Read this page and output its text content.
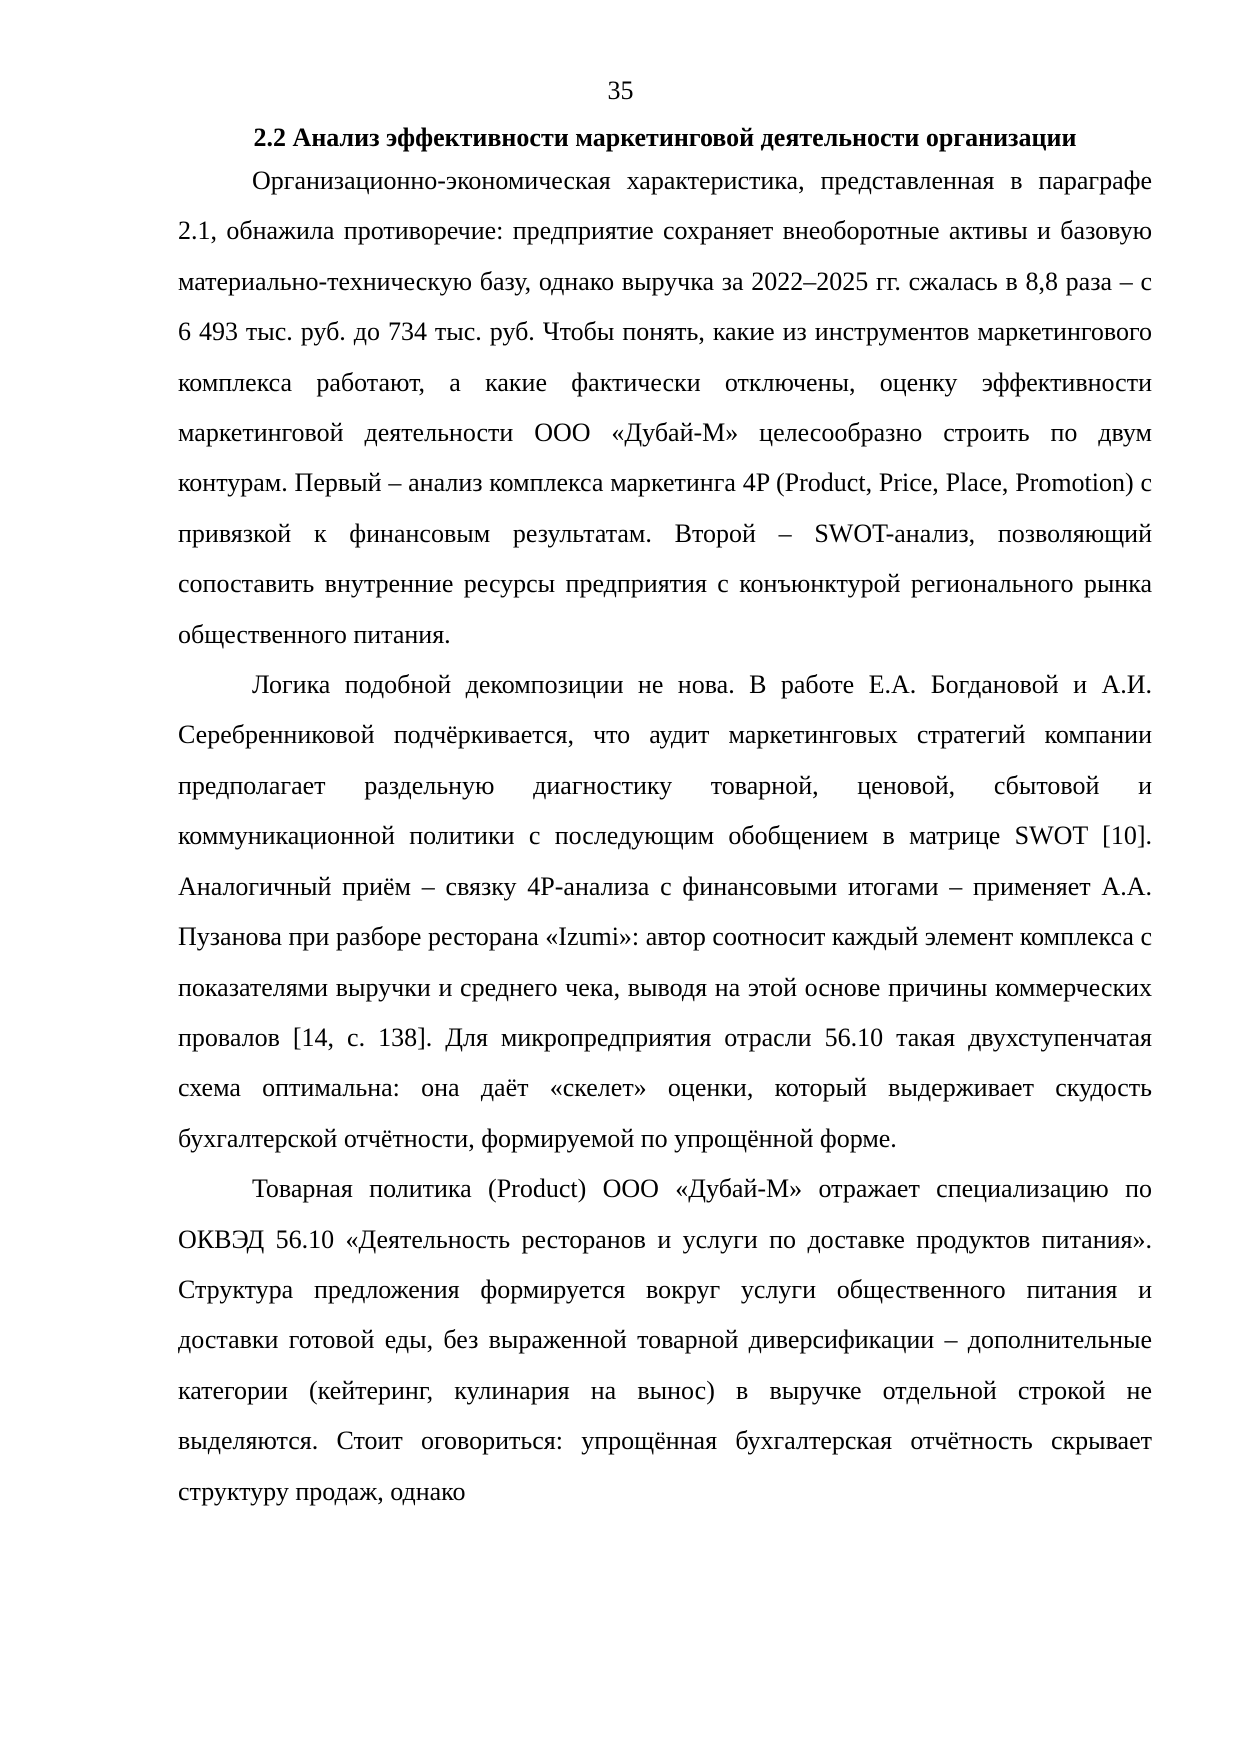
35
2.2 Анализ эффективности маркетинговой деятельности организации

Организационно-экономическая характеристика, представленная в параграфе 2.1, обнажила противоречие: предприятие сохраняет внеоборотные активы и базовую материально-техническую базу, однако выручка за 2022–2025 гг. сжалась в 8,8 раза – с 6 493 тыс. руб. до 734 тыс. руб. Чтобы понять, какие из инструментов маркетингового комплекса работают, а какие фактически отключены, оценку эффективности маркетинговой деятельности ООО «Дубай-М» целесообразно строить по двум контурам. Первый – анализ комплекса маркетинга 4P (Product, Price, Place, Promotion) с привязкой к финансовым результатам. Второй – SWOT-анализ, позволяющий сопоставить внутренние ресурсы предприятия с конъюнктурой регионального рынка общественного питания.

Логика подобной декомпозиции не нова. В работе Е.А. Богдановой и А.И. Серебренниковой подчёркивается, что аудит маркетинговых стратегий компании предполагает раздельную диагностику товарной, ценовой, сбытовой и коммуникационной политики с последующим обобщением в матрице SWOT [10]. Аналогичный приём – связку 4P-анализа с финансовыми итогами – применяет А.А. Пузанова при разборе ресторана «Izumi»: автор соотносит каждый элемент комплекса с показателями выручки и среднего чека, выводя на этой основе причины коммерческих провалов [14, с. 138]. Для микропредприятия отрасли 56.10 такая двухступенчатая схема оптимальна: она даёт «скелет» оценки, который выдерживает скудость бухгалтерской отчётности, формируемой по упрощённой форме.

Товарная политика (Product) ООО «Дубай-М» отражает специализацию по ОКВЭД 56.10 «Деятельность ресторанов и услуги по доставке продуктов питания». Структура предложения формируется вокруг услуги общественного питания и доставки готовой еды, без выраженной товарной диверсификации – дополнительные категории (кейтеринг, кулинария на вынос) в выручке отдельной строкой не выделяются. Стоит оговориться: упрощённая бухгалтерская отчётность скрывает структуру продаж, однако
